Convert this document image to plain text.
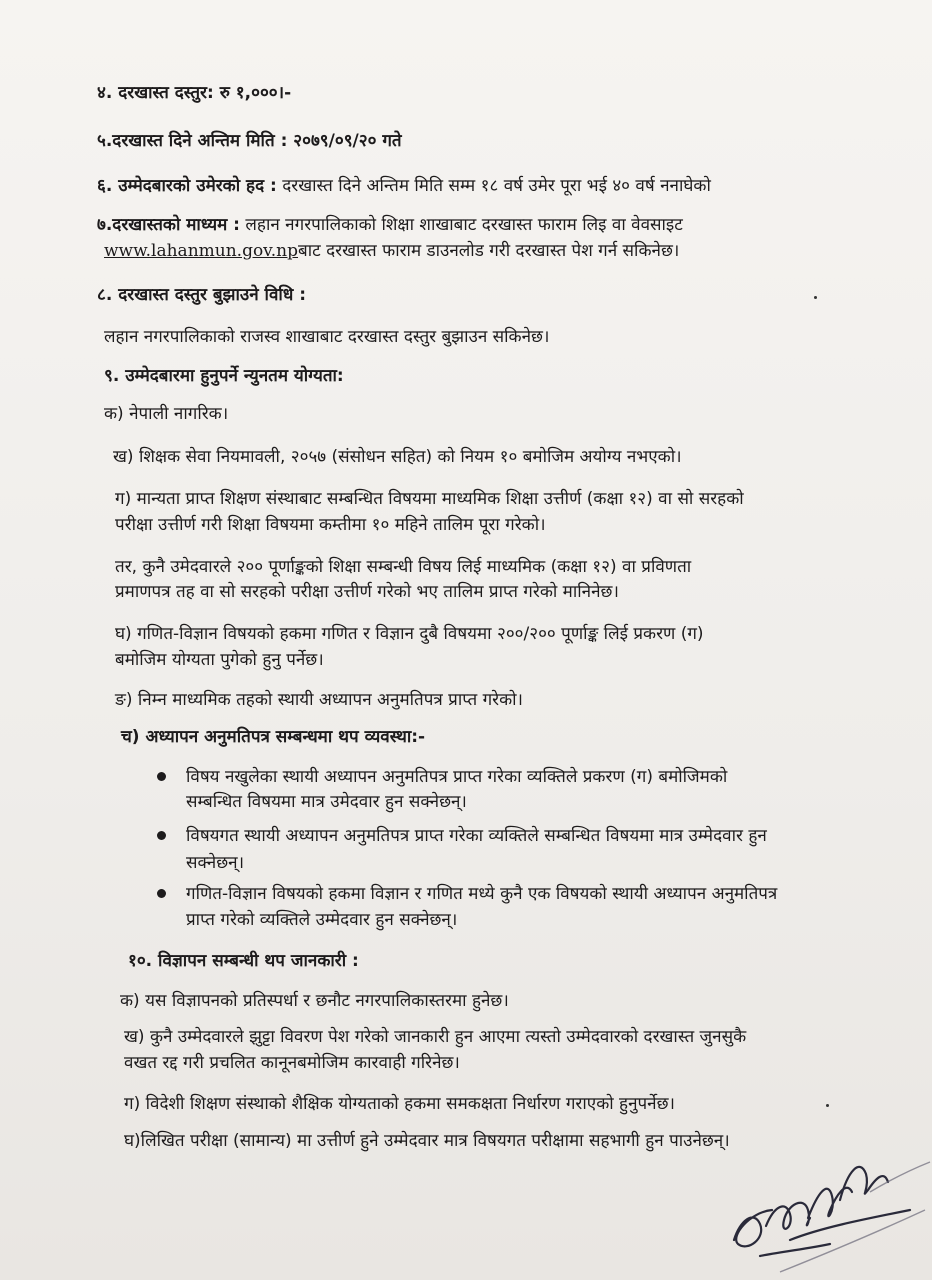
४. दरखास्त दस्तुर: रु १,०००।-
५.दरखास्त दिने अन्तिम मिति : २०७९/०९/२० गते
६. उम्मेदबारको उमेरको हद : दरखास्त दिने अन्तिम मिति सम्म १८ वर्ष उमेर पूरा भई ४० वर्ष ननाघेको
७.दरखास्तको माध्यम : लहान नगरपालिकाको शिक्षा शाखाबाट दरखास्त फाराम लिइ वा वेवसाइट
www.lahanmun.gov.npबाट दरखास्त फाराम डाउनलोड गरी दरखास्त पेश गर्न सकिनेछ।
८. दरखास्त दस्तुर बुझाउने विधि :
लहान नगरपालिकाको राजस्व शाखाबाट दरखास्त दस्तुर बुझाउन सकिनेछ।
९. उम्मेदबारमा हुनुपर्ने न्युनतम योग्यता:
क) नेपाली नागरिक।
ख) शिक्षक सेवा नियमावली, २०५७ (संसोधन सहित) को नियम १० बमोजिम अयोग्य नभएको।
ग) मान्यता प्राप्त शिक्षण संस्थाबाट सम्बन्धित विषयमा माध्यमिक शिक्षा उत्तीर्ण (कक्षा १२) वा सो सरहको
परीक्षा उत्तीर्ण गरी शिक्षा विषयमा कम्तीमा १० महिने तालिम पूरा गरेको।
तर, कुनै उमेदवारले २०० पूर्णाङ्कको शिक्षा सम्बन्धी विषय लिई माध्यमिक (कक्षा १२) वा प्रविणता
प्रमाणपत्र तह वा सो सरहको परीक्षा उत्तीर्ण गरेको भए तालिम प्राप्त गरेको मानिनेछ।
घ) गणित-विज्ञान विषयको हकमा गणित र विज्ञान दुबै विषयमा २००/२०० पूर्णाङ्क लिई प्रकरण (ग)
बमोजिम योग्यता पुगेको हुनु पर्नेछ।
ङ) निम्न माध्यमिक तहको स्थायी अध्यापन अनुमतिपत्र प्राप्त गरेको।
च) अध्यापन अनुमतिपत्र सम्बन्धमा थप व्यवस्था:-
विषय नखुलेका स्थायी अध्यापन अनुमतिपत्र प्राप्त गरेका व्यक्तिले प्रकरण (ग) बमोजिमको
सम्बन्धित विषयमा मात्र उमेदवार हुन सक्नेछन्।
विषयगत स्थायी अध्यापन अनुमतिपत्र प्राप्त गरेका व्यक्तिले सम्बन्धित विषयमा मात्र उम्मेदवार हुन
सक्नेछन्।
गणित-विज्ञान विषयको हकमा विज्ञान र गणित मध्ये कुनै एक विषयको स्थायी अध्यापन अनुमतिपत्र
प्राप्त गरेको व्यक्तिले उम्मेदवार हुन सक्नेछन्।
१०. विज्ञापन सम्बन्धी थप जानकारी :
क) यस विज्ञापनको प्रतिस्पर्धा र छनौट नगरपालिकास्तरमा हुनेछ।
ख) कुनै उम्मेदवारले झुट्टा विवरण पेश गरेको जानकारी हुन आएमा त्यस्तो उम्मेदवारको दरखास्त जुनसुकै
वखत रद्द गरी प्रचलित कानूनबमोजिम कारवाही गरिनेछ।
ग) विदेशी शिक्षण संस्थाको शैक्षिक योग्यताको हकमा समकक्षता निर्धारण गराएको हुनुपर्नेछ।
घ)लिखित परीक्षा (सामान्य) मा उत्तीर्ण हुने उम्मेदवार मात्र विषयगत परीक्षामा सहभागी हुन पाउनेछन्।
